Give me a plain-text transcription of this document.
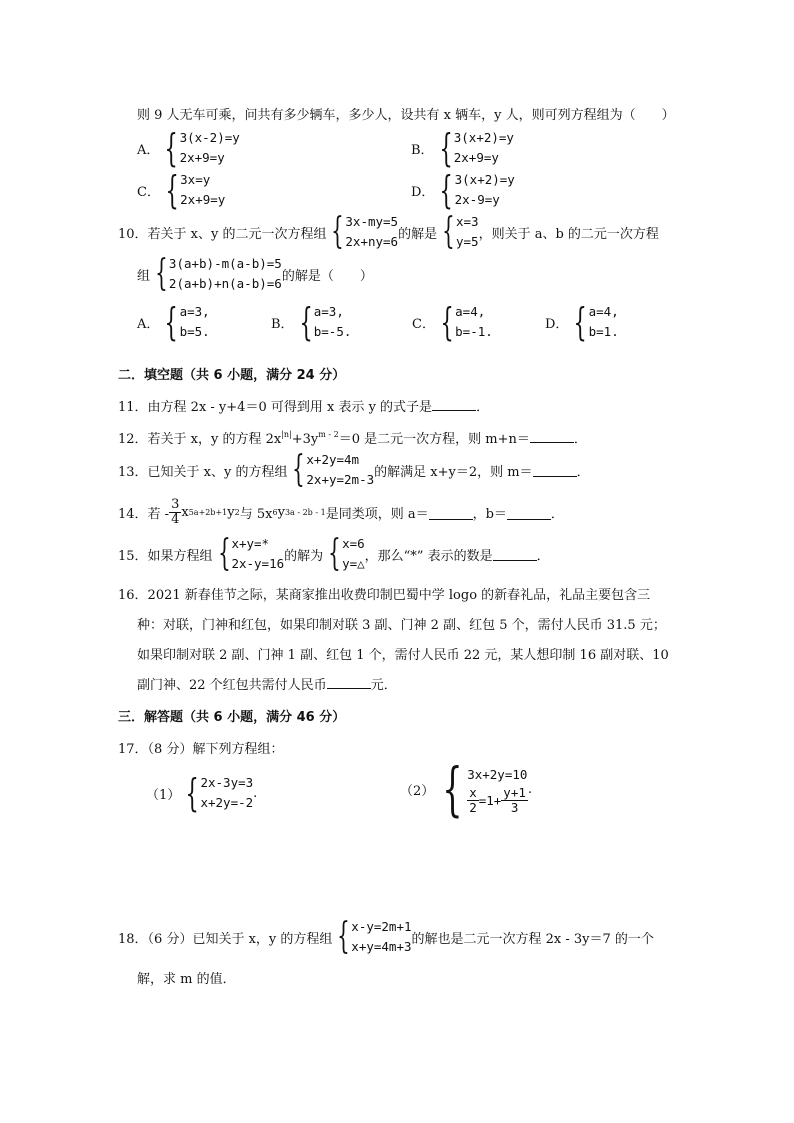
则 9 人无车可乘，问共有多少辆车，多少人，设共有 x 辆车，y 人，则可列方程组为（　　）
A． { 3(x-2)=y
2x+9=y	B． { 3(x+2)=y
2x+9=y
C． { 3x=y
2x+9=y	D． { 3(x+2)=y
2x-9=y
10．若关于 x、y 的二元一次方程组 { 3x-my=5
2x+ny=6 的解是 { x=3
y=5 ，则关于 a、b 的二元一次方程
组 { 3(a+b)-m(a-b)=5
2(a+b)+n(a-b)=6 的解是（　　）
A． { a=3,
b=5.	B． { a=3,
b=-5.	C． { a=4,
b=-1.	D． { a=4,
b=1.
二．填空题（共 6 小题，满分 24 分）
11．由方程 2x - y+4＝0 可得到用 x 表示 y 的式子是	．
12．若关于 x，y 的方程 $2x^{|n|}+3y^{m - 2}=0$ 是二元一次方程，则 m+n＝	．
13．已知关于 x、y 的方程组 { x+2y=4m
2x+y=2m-3 的解满足 x+y＝2，则 m＝	．
14．若 - $\frac{3}{4}$ x 5a+2b+1 y 2 与 5x 6 y 3a - 2b - 1 是同类项，则 a＝	，b＝	．
15．如果方程组 { x+y=*
2x-y=16 的解为 { x=6
y=△ ，那么“*” 表示的数是	．
16．2021 新春佳节之际，某商家推出收费印制巴蜀中学 logo 的新春礼品，礼品主要包含三
种：对联，门神和红包，如果印制对联 3 副、门神 2 副、红包 5 个，需付人民币 31.5 元；
如果印制对联 2 副、门神 1 副、红包 1 个，需付人民币 22 元，某人想印制 16 副对联、10
副门神、22 个红包共需付人民币	元．
三．解答题（共 6 小题，满分 46 分）
17．（8 分）解下列方程组：
（1） { 2x-3y=3
x+2y=-2
.	（2） { 3x+2y=10
$\frac{x}{2} =1+ \frac{y+1}{3}$ .
18．（6 分）已知关于 x，y 的方程组 { x-y=2m+1
x+y=4m+3 的解也是二元一次方程 2x - 3y＝7 的一个
解，求 m 的值．
